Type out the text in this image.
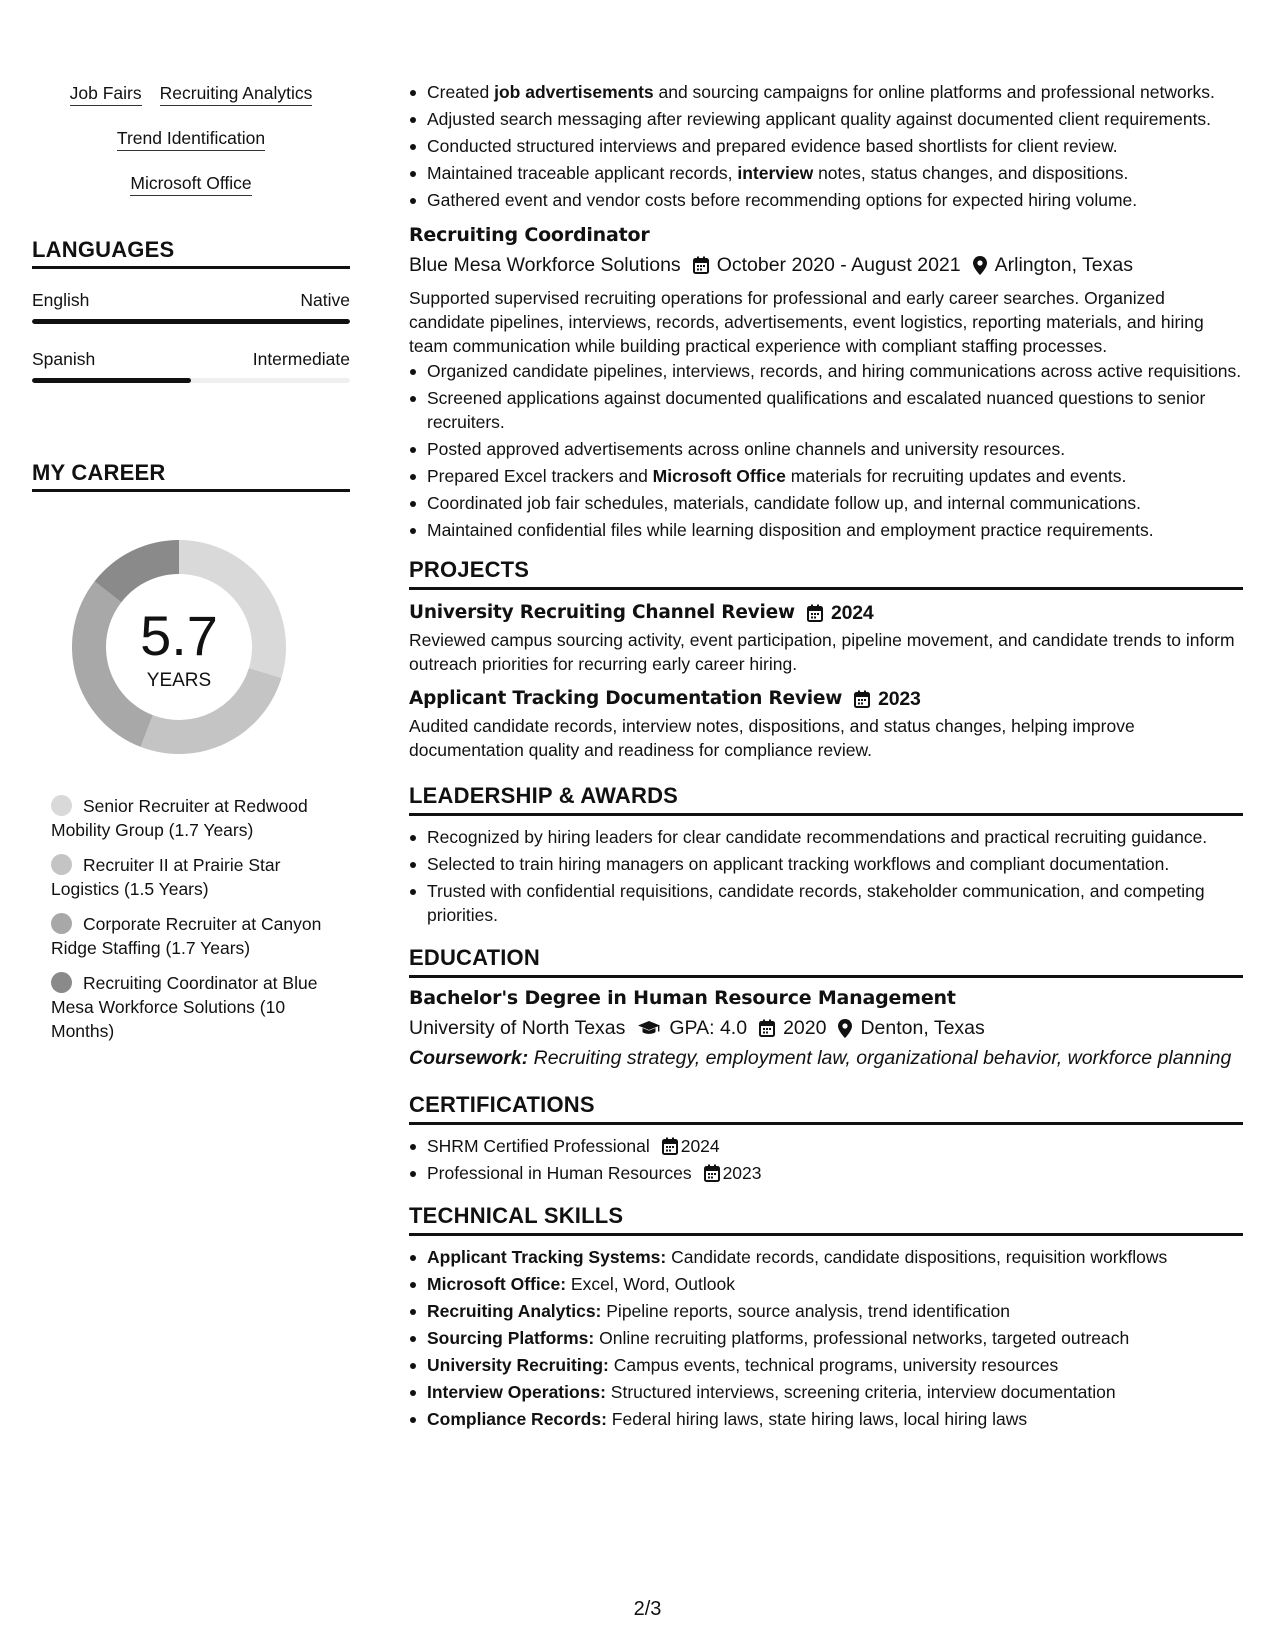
Job Fairs Recruiting Analytics
Trend Identification
Microsoft Office
LANGUAGES
English	Native
Spanish	Intermediate
MY CAREER
5.7
YEARS
Senior Recruiter at Redwood Mobility Group (1.7 Years)
Recruiter II at Prairie Star Logistics (1.5 Years)
Corporate Recruiter at Canyon Ridge Staffing (1.7 Years)
Recruiting Coordinator at Blue Mesa Workforce Solutions (10 Months)
Created job advertisements and sourcing campaigns for online platforms and professional networks.
Adjusted search messaging after reviewing applicant quality against documented client requirements.
Conducted structured interviews and prepared evidence based shortlists for client review.
Maintained traceable applicant records, interview notes, status changes, and dispositions.
Gathered event and vendor costs before recommending options for expected hiring volume.
Recruiting Coordinator
Blue Mesa Workforce Solutions October 2020 - August 2021 Arlington, Texas

Supported supervised recruiting operations for professional and early career searches. Organized candidate pipelines, interviews, records, advertisements, event logistics, reporting materials, and hiring team communication while building practical experience with compliant staffing processes.

Organized candidate pipelines, interviews, records, and hiring communications across active requisitions.
Screened applications against documented qualifications and escalated nuanced questions to senior recruiters.
Posted approved advertisements across online channels and university resources.
Prepared Excel trackers and Microsoft Office materials for recruiting updates and events.
Coordinated job fair schedules, materials, candidate follow up, and internal communications.
Maintained confidential files while learning disposition and employment practice requirements.
PROJECTS
University Recruiting Channel Review 2024

Reviewed campus sourcing activity, event participation, pipeline movement, and candidate trends to inform outreach priorities for recurring early career hiring.

Applicant Tracking Documentation Review 2023

Audited candidate records, interview notes, dispositions, and status changes, helping improve documentation quality and readiness for compliance review.

LEADERSHIP & AWARDS
Recognized by hiring leaders for clear candidate recommendations and practical recruiting guidance.
Selected to train hiring managers on applicant tracking workflows and compliant documentation.
Trusted with confidential requisitions, candidate records, stakeholder communication, and competing priorities.
EDUCATION
Bachelor's Degree in Human Resource Management
University of North Texas GPA: 4.0 2020 Denton, Texas

Coursework: Recruiting strategy, employment law, organizational behavior, workforce planning

CERTIFICATIONS
SHRM Certified Professional 2024
Professional in Human Resources 2023
TECHNICAL SKILLS
Applicant Tracking Systems: Candidate records, candidate dispositions, requisition workflows
Microsoft Office: Excel, Word, Outlook
Recruiting Analytics: Pipeline reports, source analysis, trend identification
Sourcing Platforms: Online recruiting platforms, professional networks, targeted outreach
University Recruiting: Campus events, technical programs, university resources
Interview Operations: Structured interviews, screening criteria, interview documentation
Compliance Records: Federal hiring laws, state hiring laws, local hiring laws
2/3
